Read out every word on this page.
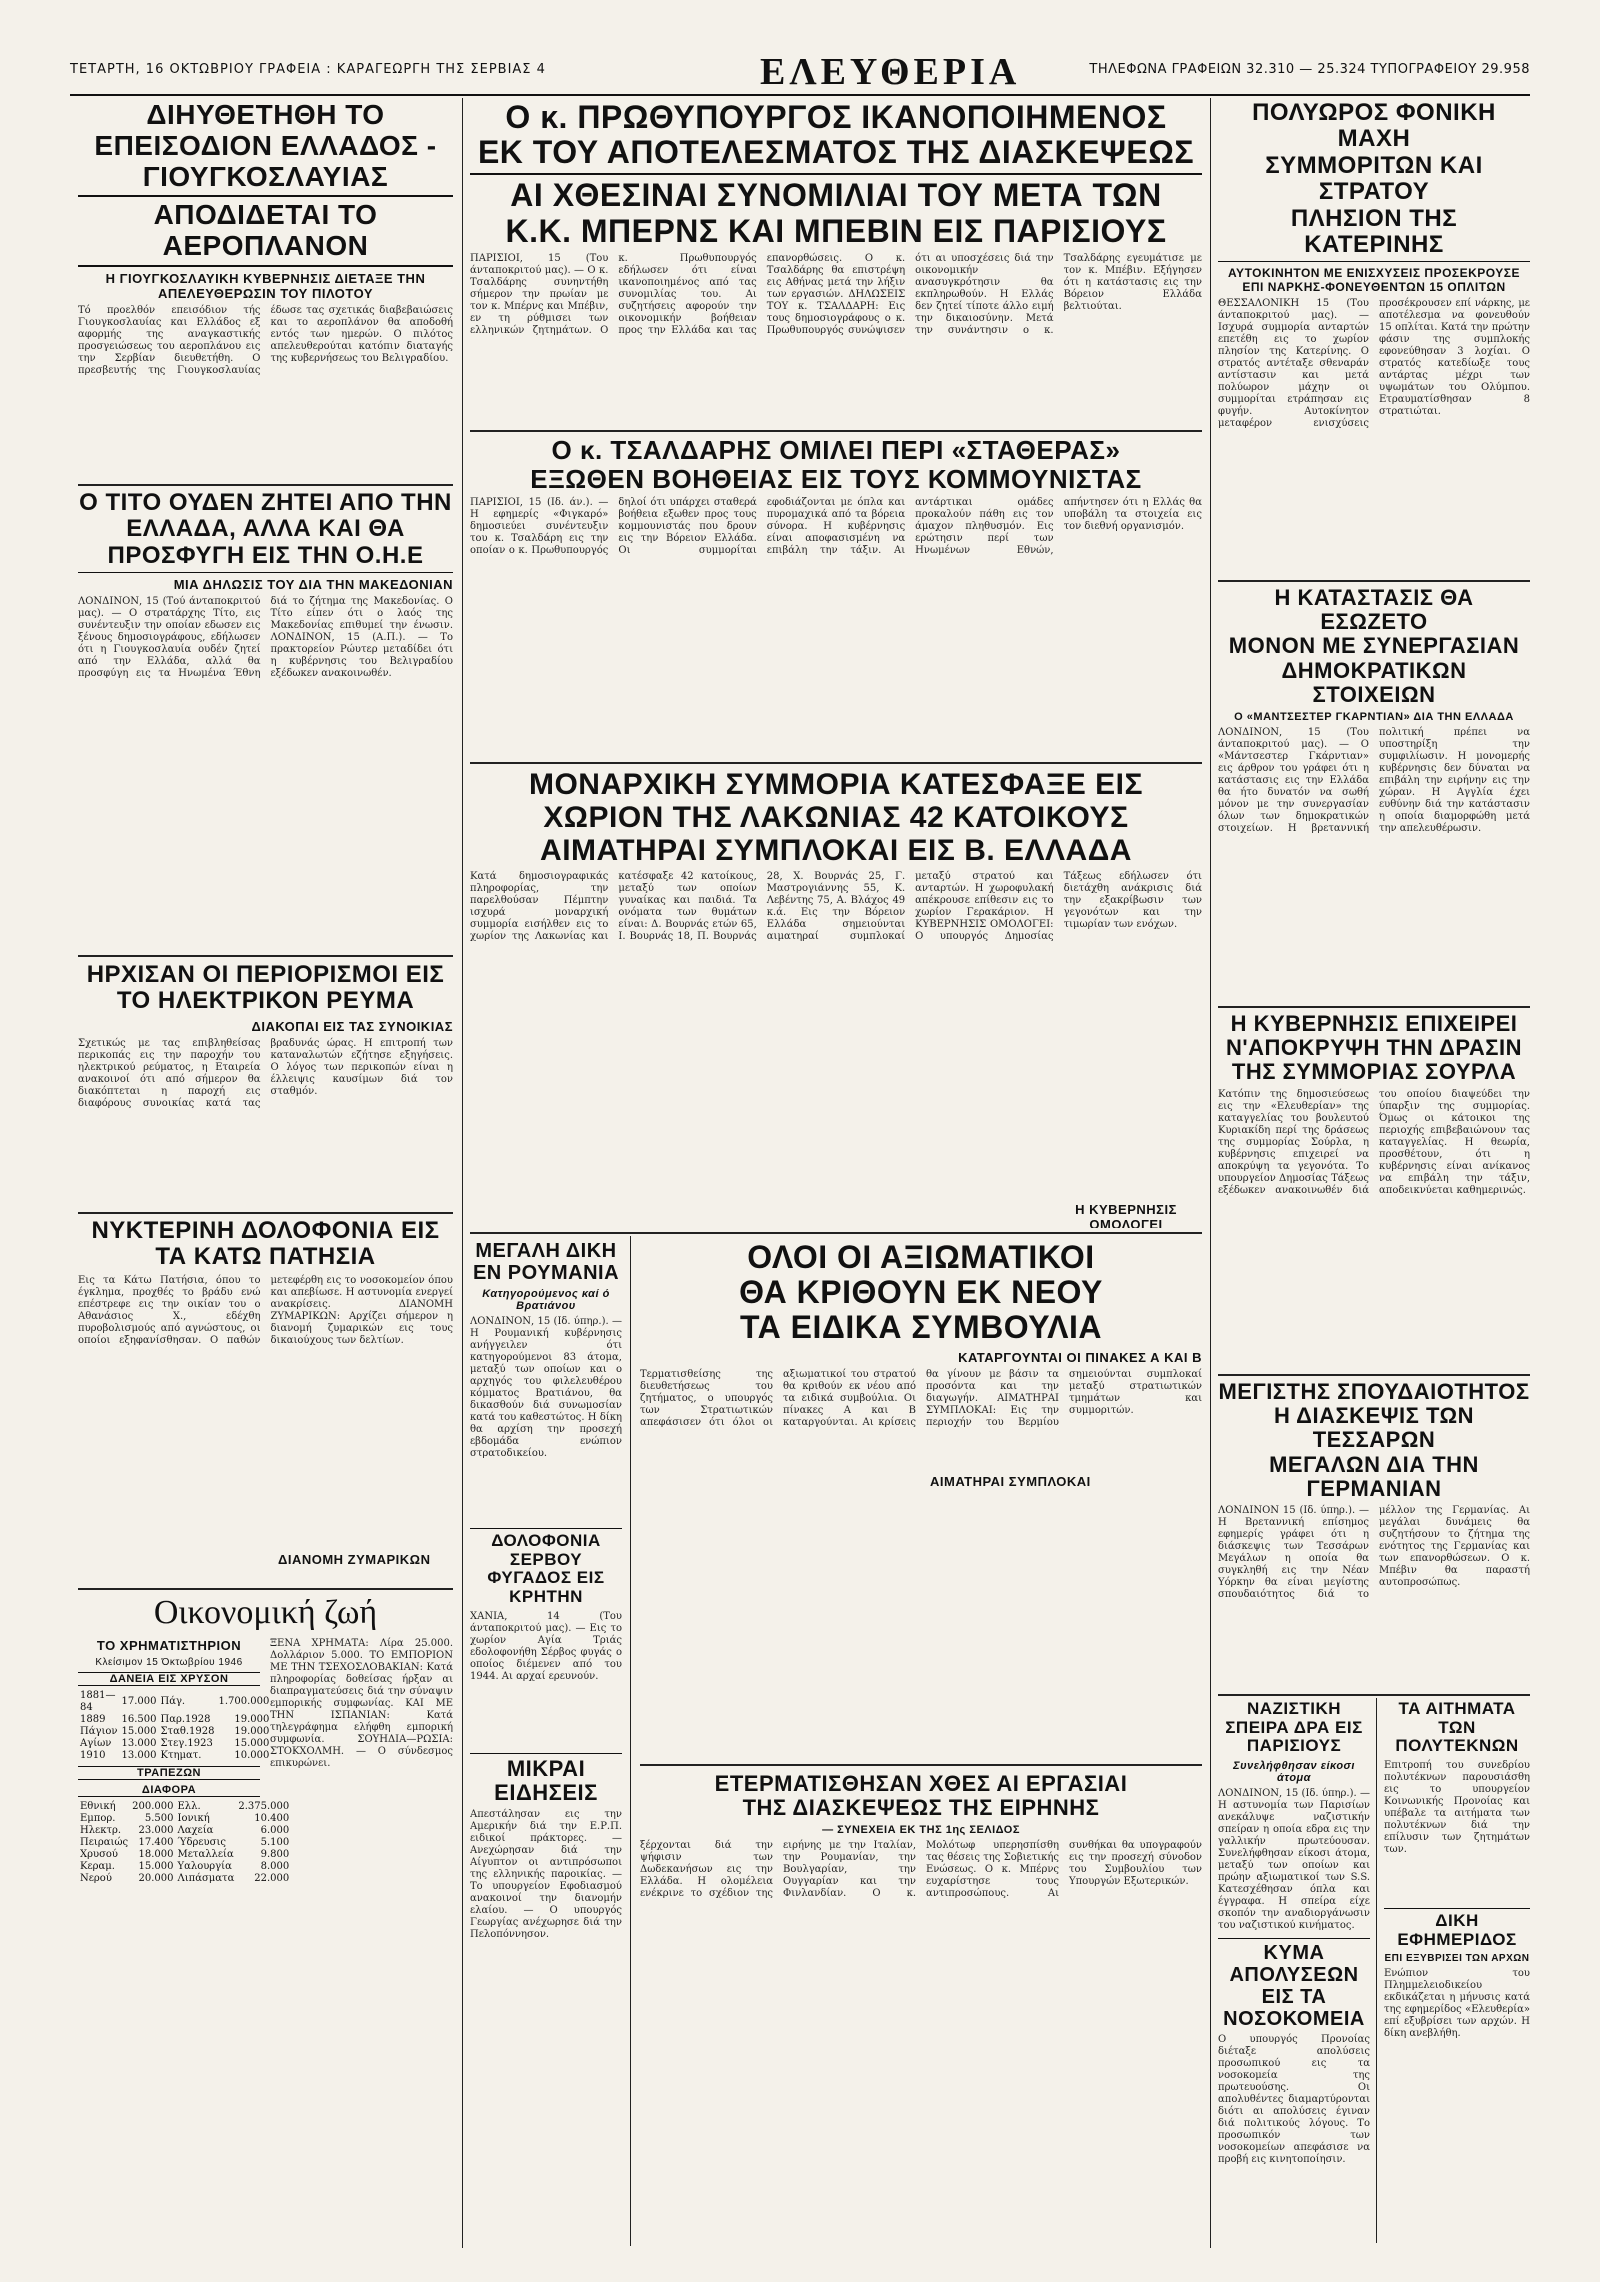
ΤΕΤΑΡΤΗ, 16 ΟΚΤΩΒΡΙΟΥ ΓΡΑΦΕΙΑ : ΚΑΡΑΓΕΩΡΓΗ ΤΗΣ ΣΕΡΒΙΑΣ 4	ΕΛΕΥΘΕΡΙΑ	ΤΗΛΕΦΩΝΑ ΓΡΑΦΕΙΩΝ 32.310 — 25.324 ΤΥΠΟΓΡΑΦΕΙΟΥ 29.958

ΔΙΗΥΘΕΤΗΘΗ ΤΟ ΕΠΕΙΣΟΔΙΟΝ ΕΛΛΑΔΟΣ - ΓΙΟΥΓΚΟΣΛΑΥΙΑΣ

ΑΠΟΔΙΔΕΤΑΙ ΤΟ ΑΕΡΟΠΛΑΝΟΝ

Η ΓΙΟΥΓΚΟΣΛΑΥΙΚΗ ΚΥΒΕΡΝΗΣΙΣ ΔΙΕΤΑΞΕ ΤΗΝ ΑΠΕΛΕΥΘΕΡΩΣΙΝ ΤΟΥ ΠΙΛΟΤΟΥ

Τό προελθόν επεισόδιον τής Γιουγκοσλαυίας και Ελλάδος εξ αφορμής της αναγκαστικής προσγειώσεως του αεροπλάνου εις την Σερβίαν διευθετήθη. Ο πρεσβευτής της Γιουγκοσλαυίας έδωσε τας σχετικάς διαβεβαιώσεις και το αεροπλάνον θα αποδοθή εντός των ημερών. Ο πιλότος απελευθερούται κατόπιν διαταγής της κυβερνήσεως του Βελιγραδίου.

Ο ΤΙΤΟ ΟΥΔΕΝ ΖΗΤΕΙ ΑΠΟ ΤΗΝ ΕΛΛΑΔΑ, ΑΛΛΑ ΚΑΙ ΘΑ ΠΡΟΣΦΥΓΗ ΕΙΣ ΤΗΝ Ο.Η.Ε

ΜΙΑ ΔΗΛΩΣΙΣ ΤΟΥ ΔΙΑ ΤΗΝ ΜΑΚΕΔΟΝΙΑΝ

ΛΟΝΔΙΝΟΝ, 15 (Τού άνταποκριτού μας). — Ο στρατάρχης Τίτο, εις συνέντευξιν την οποίαν εδωσεν εις ξένους δημοσιογράφους, εδήλωσεν ότι η Γιουγκοσλαυία ουδέν ζητεί από την Ελλάδα, αλλά θα προσφύγη εις τα Ηνωμένα Έθνη διά το ζήτημα της Μακεδονίας. Ο Τίτο είπεν ότι ο λαός της Μακεδονίας επιθυμεί την ένωσιν. ΛΟΝΔΙΝΟΝ, 15 (Α.Π.). — Το πρακτορείον Ρώυτερ μεταδίδει ότι η κυβέρνησις του Βελιγραδίου εξέδωκεν ανακοινωθέν.

ΗΡΧΙΣΑΝ ΟΙ ΠΕΡΙΟΡΙΣΜΟΙ ΕΙΣ ΤΟ ΗΛΕΚΤΡΙΚΟΝ ΡΕΥΜΑ

ΔΙΑΚΟΠΑΙ ΕΙΣ ΤΑΣ ΣΥΝΟΙΚΙΑΣ

Σχετικώς με τας επιβληθείσας περικοπάς εις την παροχήν του ηλεκτρικού ρεύματος, η Εταιρεία ανακοινοί ότι από σήμερον θα διακόπτεται η παροχή εις διαφόρους συνοικίας κατά τας βραδυνάς ώρας. Η επιτροπή των καταναλωτών εζήτησε εξηγήσεις. Ο λόγος των περικοπών είναι η έλλειψις καυσίμων διά τον σταθμόν.

ΝΥΚΤΕΡΙΝΗ ΔΟΛΟΦΟΝΙΑ ΕΙΣ ΤΑ ΚΑΤΩ ΠΑΤΗΣΙΑ

Εις τα Κάτω Πατήσια, όπου το έγκλημα, προχθές το βράδυ ενώ επέστρεφε εις την οικίαν του ο Αθανάσιος Χ., εδέχθη πυροβολισμούς από αγνώστους, οι οποίοι εξηφανίσθησαν. Ο παθών μετεφέρθη εις το νοσοκομείον όπου και απεβίωσε. Η αστυνομία ενεργεί ανακρίσεις. ΔΙΑΝΟΜΗ ΖΥΜΑΡΙΚΩΝ: Αρχίζει σήμερον η διανομή ζυμαρικών εις τους δικαιούχους των δελτίων.

ΔΙΑΝΟΜΗ ΖΥΜΑΡΙΚΩΝ

Οικονομική ζωή

ΤΟ ΧΡΗΜΑΤΙΣΤΗΡΙΟΝ

Κλείσιμον 15 Όκτωβρίου 1946

ΔΑΝΕΙΑ ΕΙΣ ΧΡΥΣΟΝ

1881—84	17.000	Πάγ.	1.700.000
1889	16.500	Παρ.1928	19.000
Πάγιον	15.000	Σταθ.1928	19.000
Αγίων	13.000	Στεγ.1923	15.000
1910	13.000	Κτηματ.	10.000

ΤΡΑΠΕΖΩΝ

ΔΙΑΦΟΡΑ

Εθνική	200.000	Ελλ.	2.375.000
Εμπορ.	5.500	Ιονική	10.400
Ηλεκτρ.	23.000	Λαχεία	6.000
Πειραιώς	17.400	Ύδρευσις	5.100
Χρυσού	18.000	Μεταλλεία	9.800
Κεραμ.	15.000	Υαλουργία	8.000
Νερού	20.000	Λιπάσματα	22.000
ΞΕΝΑ ΧΡΗΜΑΤΑ: Λίρα 25.000. Δολλάριον 5.000. ΤΟ ΕΜΠΟΡΙΟΝ ΜΕ ΤΗΝ ΤΣΕΧΟΣΛΟΒΑΚΙΑΝ: Κατά πληροφορίας δοθείσας ήρξαν αι διαπραγματεύσεις διά την σύναψιν εμπορικής συμφωνίας. ΚΑΙ ΜΕ ΤΗΝ ΙΣΠΑΝΙΑΝ: Κατά τηλεγράφημα ελήφθη εμπορική συμφωνία. ΣΟΥΗΔΙΑ—ΡΩΣΙΑ: ΣΤΟΚΧΟΛΜΗ. — Ο σύνδεσμος επικυρώνει.

Ο κ. ΠΡΩΘΥΠΟΥΡΓΟΣ ΙΚΑΝΟΠΟΙΗΜΕΝΟΣ

ΕΚ ΤΟΥ ΑΠΟΤΕΛΕΣΜΑΤΟΣ ΤΗΣ ΔΙΑΣΚΕΨΕΩΣ

ΑΙ ΧΘΕΣΙΝΑΙ ΣΥΝΟΜΙΛΙΑΙ ΤΟΥ ΜΕΤΑ ΤΩΝ

Κ.Κ. ΜΠΕΡΝΣ ΚΑΙ ΜΠΕΒΙΝ ΕΙΣ ΠΑΡΙΣΙΟΥΣ

ΠΑΡΙΣΙΟΙ, 15 (Του άνταποκριτού μας). — Ο κ. Τσαλδάρης συνηντήθη σήμερον την πρωίαν με τον κ. Μπέρνς και Μπέβιν, εν τη ρύθμισει των ελληνικών ζητημάτων. Ο κ. Πρωθυπουργός εδήλωσεν ότι είναι ικανοποιημένος από τας συνομιλίας του. Αι συζητήσεις αφορούν την οικονομικήν βοήθειαν προς την Ελλάδα και τας επανορθώσεις. Ο κ. Τσαλδάρης θα επιστρέψη εις Αθήνας μετά την λήξιν των εργασιών. ΔΗΛΩΣΕΙΣ ΤΟΥ κ. ΤΣΑΛΔΑΡΗ: Εις τους δημοσιογράφους ο κ. Πρωθυπουργός συνώψισεν ότι αι υποσχέσεις διά την οικονομικήν ανασυγκρότησιν θα εκπληρωθούν. Η Ελλάς δεν ζητεί τίποτε άλλο ειμή την δικαιοσύνην. Μετά την συνάντησιν ο κ. Τσαλδάρης εγευμάτισε με τον κ. Μπέβιν. Εξήγησεν ότι η κατάστασις εις την Βόρειον Ελλάδα βελτιούται.

Ο κ. ΤΣΑΛΔΑΡΗΣ ΟΜΙΛΕΙ ΠΕΡΙ «ΣΤΑΘΕΡΑΣ»

ΕΞΩΘΕΝ ΒΟΗΘΕΙΑΣ ΕΙΣ ΤΟΥΣ ΚΟΜΜΟΥΝΙΣΤΑΣ

ΠΑΡΙΣΙΟΙ, 15 (Ιδ. άν.). — Η εφημερίς «Φιγκαρό» δημοσιεύει συνέντευξιν του κ. Τσαλδάρη εις την οποίαν ο κ. Πρωθυπουργός δηλοί ότι υπάρχει σταθερά βοήθεια εξωθεν προς τους κομμουνιστάς που δρουν εις την Βόρειον Ελλάδα. Οι συμμορίται εφοδιάζονται με όπλα και πυρομαχικά από τα βόρεια σύνορα. Η κυβέρνησις είναι αποφασισμένη να επιβάλη την τάξιν. Αι αντάρτικαι ομάδες προκαλούν πάθη εις τον άμαχον πληθυσμόν. Εις ερώτησιν περί των Ηνωμένων Εθνών, απήντησεν ότι η Ελλάς θα υποβάλη τα στοιχεία εις τον διεθνή οργανισμόν.

ΜΟΝΑΡΧΙΚΗ ΣΥΜΜΟΡΙΑ ΚΑΤΕΣΦΑΞΕ ΕΙΣ

ΧΩΡΙΟΝ ΤΗΣ ΛΑΚΩΝΙΑΣ 42 ΚΑΤΟΙΚΟΥΣ

ΑΙΜΑΤΗΡΑΙ ΣΥΜΠΛΟΚΑΙ ΕΙΣ Β. ΕΛΛΑΔΑ

Κατά δημοσιογραφικάς πληροφορίας, την παρελθούσαν Πέμπτην ισχυρά μοναρχική συμμορία εισήλθεν εις το χωρίον της Λακωνίας και κατέσφαξε 42 κατοίκους, μεταξύ των οποίων γυναίκας και παιδιά. Τα ονόματα των θυμάτων είναι: Δ. Βουρνάς ετών 65, Ι. Βουρνάς 18, Π. Βουρνάς 28, Χ. Βουρνάς 25, Γ. Μαστρογιάννης 55, Κ. Λεβέντης 75, Α. Βλάχος 49 κ.ά. Εις την Βόρειον Ελλάδα σημειούνται αιματηραί συμπλοκαί μεταξύ στρατού και ανταρτών. Η χωροφυλακή απέκρουσε επίθεσιν εις το χωρίον Γερακάριον. Η ΚΥΒΕΡΝΗΣΙΣ ΟΜΟΛΟΓΕΙ: Ο υπουργός Δημοσίας Τάξεως εδήλωσεν ότι διετάχθη ανάκρισις διά την εξακρίβωσιν των γεγονότων και την τιμωρίαν των ενόχων.

Η ΚΥΒΕΡΝΗΣΙΣ ΟΜΟΛΟΓΕΙ

ΜΕΓΑΛΗ ΔΙΚΗ ΕΝ ΡΟΥΜΑΝΙΑ

Κατηγορούμενος καί ό Βρατιάνου

ΛΟΝΔΙΝΟΝ, 15 (Ιδ. ύπηρ.). — Η Ρουμανική κυβέρνησις ανήγγειλεν ότι κατηγορούμενοι 83 άτομα, μεταξύ των οποίων και ο αρχηγός του φιλελευθέρου κόμματος Βρατιάνου, θα δικασθούν διά συνωμοσίαν κατά του καθεστώτος. Η δίκη θα αρχίση την προσεχή εβδομάδα ενώπιον στρατοδικείου.

ΔΟΛΟΦΟΝΙΑ ΣΕΡΒΟΥ ΦΥΓΑΔΟΣ ΕΙΣ ΚΡΗΤΗΝ

ΧΑΝΙΑ, 14 (Του άνταποκριτού μας). — Εις το χωρίον Αγία Τριάς εδολοφονήθη Σέρβος φυγάς ο οποίος διέμενεν από του 1944. Αι αρχαί ερευνούν.

ΜΙΚΡΑΙ ΕΙΔΗΣΕΙΣ

Απεστάλησαν εις την Αμερικήν διά την Ε.Ρ.Π. ειδικοί πράκτορες. — Ανεχώρησαν διά την Αίγυπτον οι αντιπρόσωποι της ελληνικής παροικίας. — Το υπουργείον Εφοδιασμού ανακοινοί την διανομήν ελαίου. — Ο υπουργός Γεωργίας ανέχωρησε διά την Πελοπόννησον.

ΟΛΟΙ ΟΙ ΑΞΙΩΜΑΤΙΚΟΙ

ΘΑ ΚΡΙΘΟΥΝ ΕΚ ΝΕΟΥ

ΤΑ ΕΙΔΙΚΑ ΣΥΜΒΟΥΛΙΑ

ΚΑΤΑΡΓΟΥΝΤΑΙ ΟΙ ΠΙΝΑΚΕΣ Α ΚΑΙ Β

Τερματισθείσης της διευθετήσεως του ζητήματος, ο υπουργός των Στρατιωτικών απεφάσισεν ότι όλοι οι αξιωματικοί του στρατού θα κριθούν εκ νέου από τα ειδικά συμβούλια. Οι πίνακες Α και Β καταργούνται. Αι κρίσεις θα γίνουν με βάσιν τα προσόντα και την διαγωγήν. ΑΙΜΑΤΗΡΑΙ ΣΥΜΠΛΟΚΑΙ: Εις την περιοχήν του Βερμίου σημειούνται συμπλοκαί μεταξύ στρατιωτικών τμημάτων και συμμοριτών.

ΑΙΜΑΤΗΡΑΙ ΣΥΜΠΛΟΚΑΙ

ΕΤΕΡΜΑΤΙΣΘΗΣΑΝ ΧΘΕΣ ΑΙ ΕΡΓΑΣΙΑΙ

ΤΗΣ ΔΙΑΣΚΕΨΕΩΣ ΤΗΣ ΕΙΡΗΝΗΣ

— ΣΥΝΕΧΕΙΑ ΕΚ ΤΗΣ 1ης ΣΕΛΙΔΟΣ

ξέρχονται διά την ψήφισιν των Δωδεκανήσων εις την Ελλάδα. Η ολομέλεια ενέκρινε το σχέδιον της ειρήνης με την Ιταλίαν, την Ρουμανίαν, την Βουλγαρίαν, την Ουγγαρίαν και την Φινλανδίαν. Ο κ. Μολότωφ υπερησπίσθη τας θέσεις της Σοβιετικής Ενώσεως. Ο κ. Μπέρνς ευχαρίστησε τους αντιπροσώπους. Αι συνθήκαι θα υπογραφούν εις την προσεχή σύνοδον του Συμβουλίου των Υπουργών Εξωτερικών.

ΠΟΛΥΩΡΟΣ ΦΟΝΙΚΗ ΜΑΧΗ

ΣΥΜΜΟΡΙΤΩΝ ΚΑΙ ΣΤΡΑΤΟΥ

ΠΛΗΣΙΟΝ ΤΗΣ ΚΑΤΕΡΙΝΗΣ

ΑΥΤΟΚΙΝΗΤΟΝ ΜΕ ΕΝΙΣΧΥΣΕΙΣ ΠΡΟΣΕΚΡΟΥΣΕ ΕΠΙ ΝΑΡΚΗΣ-ΦΟΝΕΥΘΕΝΤΩΝ 15 ΟΠΛΙΤΩΝ

ΘΕΣΣΑΛΟΝΙΚΗ 15 (Του άνταποκριτού μας). — Ισχυρά συμμορία ανταρτών επετέθη εις το χωρίον πλησίον της Κατερίνης. Ο στρατός αντέταξε σθεναράν αντίστασιν και μετά πολύωρον μάχην οι συμμορίται ετράπησαν εις φυγήν. Αυτοκίνητον μεταφέρον ενισχύσεις προσέκρουσεν επί νάρκης, με αποτέλεσμα να φονευθούν 15 οπλίται. Κατά την πρώτην φάσιν της συμπλοκής εφονεύθησαν 3 λοχίαι. Ο στρατός κατεδίωξε τους αντάρτας μέχρι των υψωμάτων του Ολύμπου. Ετραυματίσθησαν 8 στρατιώται.

Η ΚΑΤΑΣΤΑΣΙΣ ΘΑ ΕΣΩΖΕΤΟ

ΜΟΝΟΝ ΜΕ ΣΥΝΕΡΓΑΣΙΑΝ

ΔΗΜΟΚΡΑΤΙΚΩΝ ΣΤΟΙΧΕΙΩΝ

Ο «ΜΑΝΤΣΕΣΤΕΡ ΓΚΑΡΝΤΙΑΝ» ΔΙΑ ΤΗΝ ΕΛΛΑΔΑ

ΛΟΝΔΙΝΟΝ, 15 (Του άνταποκριτού μας). — Ο «Μάντσεστερ Γκάρντιαν» εις άρθρον του γράφει ότι η κατάστασις εις την Ελλάδα θα ήτο δυνατόν να σωθή μόνον με την συνεργασίαν όλων των δημοκρατικών στοιχείων. Η βρεταννική πολιτική πρέπει να υποστηρίξη την συμφιλίωσιν. Η μονομερής κυβέρνησις δεν δύναται να επιβάλη την ειρήνην εις την χώραν. Η Αγγλία έχει ευθύνην διά την κατάστασιν η οποία διαμορφώθη μετά την απελευθέρωσιν.

Η ΚΥΒΕΡΝΗΣΙΣ ΕΠΙΧΕΙΡΕΙ

Ν'ΑΠΟΚΡΥΨΗ ΤΗΝ ΔΡΑΣΙΝ

ΤΗΣ ΣΥΜΜΟΡΙΑΣ ΣΟΥΡΛΑ

Κατόπιν της δημοσιεύσεως εις την «Ελευθερίαν» της καταγγελίας του βουλευτού Κυριακίδη περί της δράσεως της συμμορίας Σούρλα, η κυβέρνησις επιχειρεί να αποκρύψη τα γεγονότα. Το υπουργείον Δημοσίας Τάξεως εξέδωκεν ανακοινωθέν διά του οποίου διαψεύδει την ύπαρξιν της συμμορίας. Όμως οι κάτοικοι της περιοχής επιβεβαιώνουν τας καταγγελίας. Η θεωρία, προσθέτουν, ότι η κυβέρνησις είναι ανίκανος να επιβάλη την τάξιν, αποδεικνύεται καθημερινώς.

ΜΕΓΙΣΤΗΣ ΣΠΟΥΔΑΙΟΤΗΤΟΣ

Η ΔΙΑΣΚΕΨΙΣ ΤΩΝ ΤΕΣΣΑΡΩΝ

ΜΕΓΑΛΩΝ ΔΙΑ ΤΗΝ ΓΕΡΜΑΝΙΑΝ

ΛΟΝΔΙΝΟΝ 15 (Ιδ. ύπηρ.). — Η Βρεταννική επίσημος εφημερίς γράφει ότι η διάσκεψις των Τεσσάρων Μεγάλων η οποία θα συγκληθή εις την Νέαν Υόρκην θα είναι μεγίστης σπουδαιότητος διά το μέλλον της Γερμανίας. Αι μεγάλαι δυνάμεις θα συζητήσουν το ζήτημα της ενότητος της Γερμανίας και των επανορθώσεων. Ο κ. Μπέβιν θα παραστή αυτοπροσώπως.

ΝΑΖΙΣΤΙΚΗ ΣΠΕΙΡΑ ΔΡΑ ΕΙΣ ΠΑΡΙΣΙΟΥΣ

Συνελήφθησαν είκοσι άτομα

ΛΟΝΔΙΝΟΝ, 15 (Ιδ. ύπηρ.). — Η αστυνομία των Παρισίων ανεκάλυψε ναζιστικήν σπείραν η οποία εδρα εις την γαλλικήν πρωτεύουσαν. Συνελήφθησαν είκοσι άτομα, μεταξύ των οποίων και πρώην αξιωματικοί των S.S. Κατεσχέθησαν όπλα και έγγραφα. Η σπείρα είχε σκοπόν την αναδιοργάνωσιν του ναζιστικού κινήματος.

ΚΥΜΑ ΑΠΟΛΥΣΕΩΝ ΕΙΣ ΤΑ ΝΟΣΟΚΟΜΕΙΑ

Ο υπουργός Προνοίας διέταξε απολύσεις προσωπικού εις τα νοσοκομεία της πρωτευούσης. Οι απολυθέντες διαμαρτύρονται διότι αι απολύσεις έγιναν διά πολιτικούς λόγους. Το προσωπικόν των νοσοκομείων απεφάσισε να προβή εις κινητοποίησιν.

ΤΑ ΑΙΤΗΜΑΤΑ ΤΩΝ ΠΟΛΥΤΕΚΝΩΝ

Επιτροπή του συνεδρίου πολυτέκνων παρουσιάσθη εις το υπουργείον Κοινωνικής Προνοίας και υπέβαλε τα αιτήματα των πολυτέκνων διά την επίλυσιν των ζητημάτων των.

ΔΙΚΗ ΕΦΗΜΕΡΙΔΟΣ

ΕΠΙ ΕΞΥΒΡΙΣΕΙ ΤΩΝ ΑΡΧΩΝ

Ενώπιον του Πλημμελειοδικείου εκδικάζεται η μήνυσις κατά της εφημερίδος «Ελευθερία» επί εξυβρίσει των αρχών. Η δίκη ανεβλήθη.
